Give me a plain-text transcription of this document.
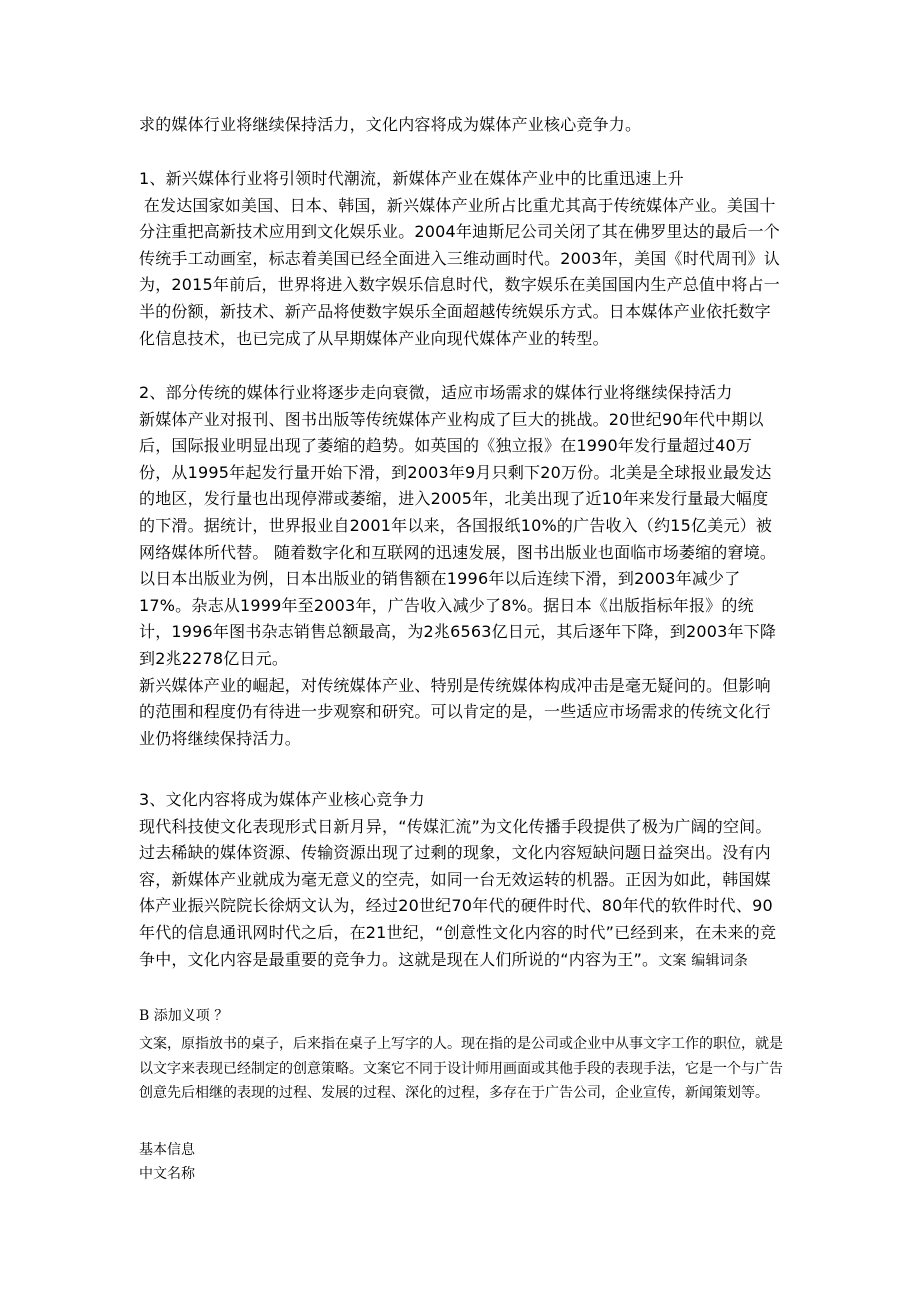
求的媒体行业将继续保持活力，文化内容将成为媒体产业核心竞争力。
1、新兴媒体行业将引领时代潮流，新媒体产业在媒体产业中的比重迅速上升
在发达国家如美国、日本、韩国，新兴媒体产业所占比重尤其高于传统媒体产业。美国十分注重把高新技术应用到文化娱乐业。2004年迪斯尼公司关闭了其在佛罗里达的最后一个传统手工动画室，标志着美国已经全面进入三维动画时代。2003年，美国《时代周刊》认为，2015年前后，世界将进入数字娱乐信息时代，数字娱乐在美国国内生产总值中将占一半的份额，新技术、新产品将使数字娱乐全面超越传统娱乐方式。日本媒体产业依托数字化信息技术，也已完成了从早期媒体产业向现代媒体产业的转型。
2、部分传统的媒体行业将逐步走向衰微，适应市场需求的媒体行业将继续保持活力
新媒体产业对报刊、图书出版等传统媒体产业构成了巨大的挑战。20世纪90年代中期以后，国际报业明显出现了萎缩的趋势。如英国的《独立报》在1990年发行量超过40万份，从1995年起发行量开始下滑，到2003年9月只剩下20万份。北美是全球报业最发达的地区，发行量也出现停滞或萎缩，进入2005年，北美出现了近10年来发行量最大幅度的下滑。据统计，世界报业自2001年以来，各国报纸10%的广告收入（约15亿美元）被网络媒体所代替。 随着数字化和互联网的迅速发展，图书出版业也面临市场萎缩的窘境。以日本出版业为例，日本出版业的销售额在1996年以后连续下滑，到2003年减少了17%。杂志从1999年至2003年，广告收入减少了8%。据日本《出版指标年报》的统计，1996年图书杂志销售总额最高，为2兆6563亿日元，其后逐年下降，到2003年下降到2兆2278亿日元。
新兴媒体产业的崛起，对传统媒体产业、特别是传统媒体构成冲击是毫无疑问的。但影响的范围和程度仍有待进一步观察和研究。可以肯定的是，一些适应市场需求的传统文化行业仍将继续保持活力。
3、文化内容将成为媒体产业核心竞争力
现代科技使文化表现形式日新月异，“传媒汇流”为文化传播手段提供了极为广阔的空间。过去稀缺的媒体资源、传输资源出现了过剩的现象，文化内容短缺问题日益突出。没有内容，新媒体产业就成为毫无意义的空壳，如同一台无效运转的机器。正因为如此，韩国媒体产业振兴院院长徐炳文认为，经过20世纪70年代的硬件时代、80年代的软件时代、90年代的信息通讯网时代之后，在21世纪，“创意性文化内容的时代”已经到来，在未来的竞争中，文化内容是最重要的竞争力。这就是现在人们所说的“内容为王”。文案 编辑词条
B 添加义项 ？
文案，原指放书的桌子，后来指在桌子上写字的人。现在指的是公司或企业中从事文字工作的职位，就是以文字来表现已经制定的创意策略。文案它不同于设计师用画面或其他手段的表现手法，它是一个与广告创意先后相继的表现的过程、发展的过程、深化的过程，多存在于广告公司，企业宣传，新闻策划等。
基本信息
中文名称
